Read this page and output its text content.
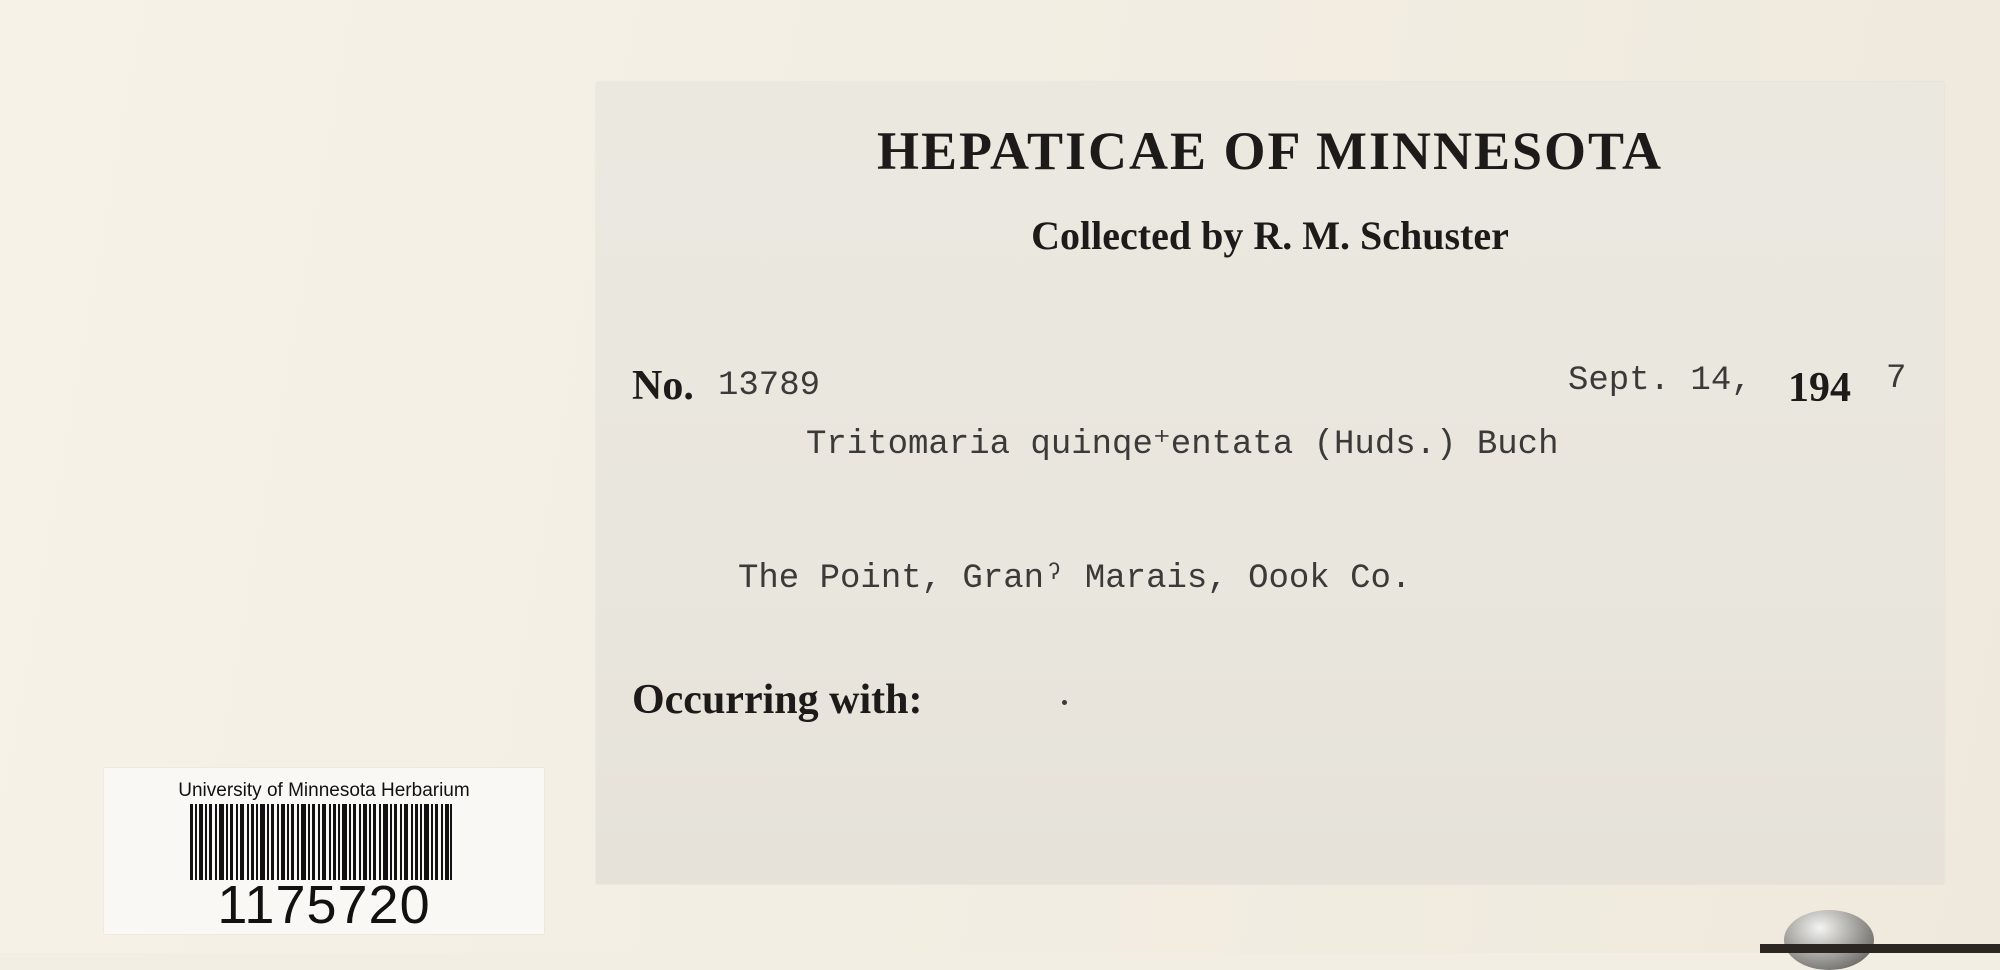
HEPATICAE OF MINNESOTA
Collected by R. M. Schuster
No. 13789	Sept. 14, 194 7
Tritomaria quinqe⁺entata (Huds.) Buch
The Point, Granˀ Marais, Oook Co.
Occurring with:
University of Minnesota Herbarium
1175720
